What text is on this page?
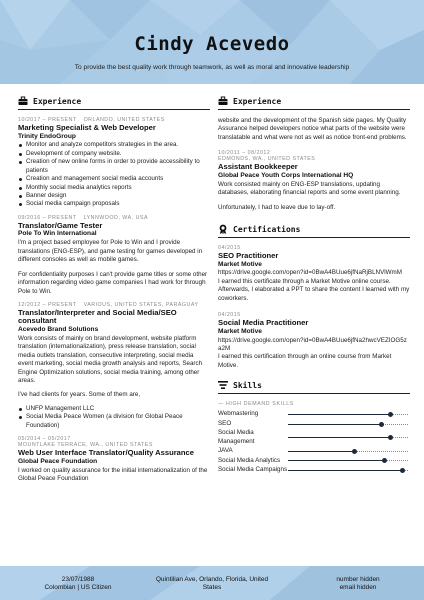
Cindy Acevedo
To provide the best quality work through teamwork, as well as moral and innovative leadership
Experience
10/2017 – PRESENT ORLANDO, UNITED STATES
Marketing Specialist & Web Developer
Trinity EndoGroup
Monitor and analyze competitors strategies in the area.
Development of company website.
Creation of new online forms in order to provide accessibility to patients
Creation and management social media accounts
Monthly social media analytics reports
Banner design
Social media campaign proposals
09/2016 – PRESENT LYNNWOOD, WA, USA
Translator/Game Tester
Pole To Win International

I'm a project based employee for Pole to Win and I provide translations (ENG-ESP), and game testing for games developed in different consoles as well as mobile games.

For confidentiality purposes I can't provide game titles or some other information regarding video game companies I had work for through Pole to Win.

12/2012 – PRESENT VARIOUS, UNITED STATES, PARAGUAY
Translator/Interpreter and Social Media/SEO consultant
Acevedo Brand Solutions

Work consists of mainly on brand development, website platform translation (internationalization), press release translation, social media outlets translation, consecutive interpreting, social media event marketing, social media growth analysis and reports, Search Engine Optimization solutions, social media training, among other areas.

I've had clients for years. Some of them are,

UNFP Management LLC
Social Media Peace Women (a division for Global Peace Foundation)
05/2014 – 05/2017
MOUNTLAKE TERRACE, WA., UNITED STATES
Web User Interface Translator/Quality Assurance
Global Peace Foundation

I worked on quality assurance for the initial internationalization of the Global Peace Foundation

Experience

website and the development of the Spanish side pages. My Quality Assurance helped developers notice what parts of the website were translatable and what were not as well as notice front-end problems.

10/2011 – 08/2012
EDMONDS, WA., UNITED STATES
Assistant Bookkeeper
Global Peace Youth Corps International HQ

Work consisted mainly on ENG-ESP translations, updating databases, elaborating financial reports and some event planning.

Unfortunately, I had to leave due to lay-off.

Certifications
04/2015
SEO Practitioner
Market Motive

https://drive.google.com/open?id=0BwA4BUue6jfNaRjBLNVlWmM

I earned this certificate through a Market Motive online course. Afterwards, I elaborated a PPT to share the content I learned with my coworkers.

04/2015
Social Media Practitioner
Market Motive

https://drive.google.com/open?id=0BwA4BUue6jfNa2hwcVEZIOG5za2M

I earned this certification through an online course from Market Motive.

Skills
— HIGH DEMAND SKILLS
Webmastering
SEO
Social Media Management
JAVA
Social Media Analytics
Social Media Campaigns
23/07/1988
Colombian | US Citizen
Quintilian Ave, Orlando, Florida, United
States
number hidden
email hidden
